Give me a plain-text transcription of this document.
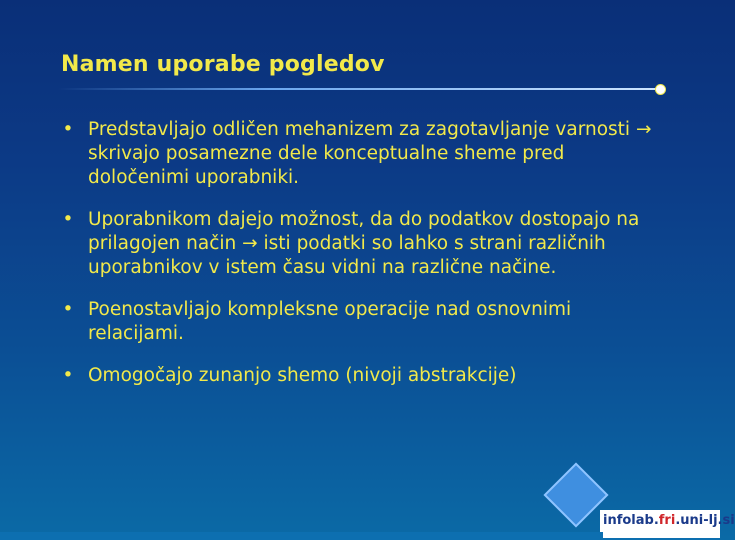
Namen uporabe pogledov
• Predstavljajo odličen mehanizem za zagotavljanje varnosti → skrivajo posamezne dele konceptualne sheme pred določenimi uporabniki.
• Uporabnikom dajejo možnost, da do podatkov dostopajo na prilagojen način → isti podatki so lahko s strani različnih uporabnikov v istem času vidni na različne načine.
• Poenostavljajo kompleksne operacije nad osnovnimi relacijami.
• Omogočajo zunanjo shemo (nivoji abstrakcije)
infolab.fri.uni-lj.si
